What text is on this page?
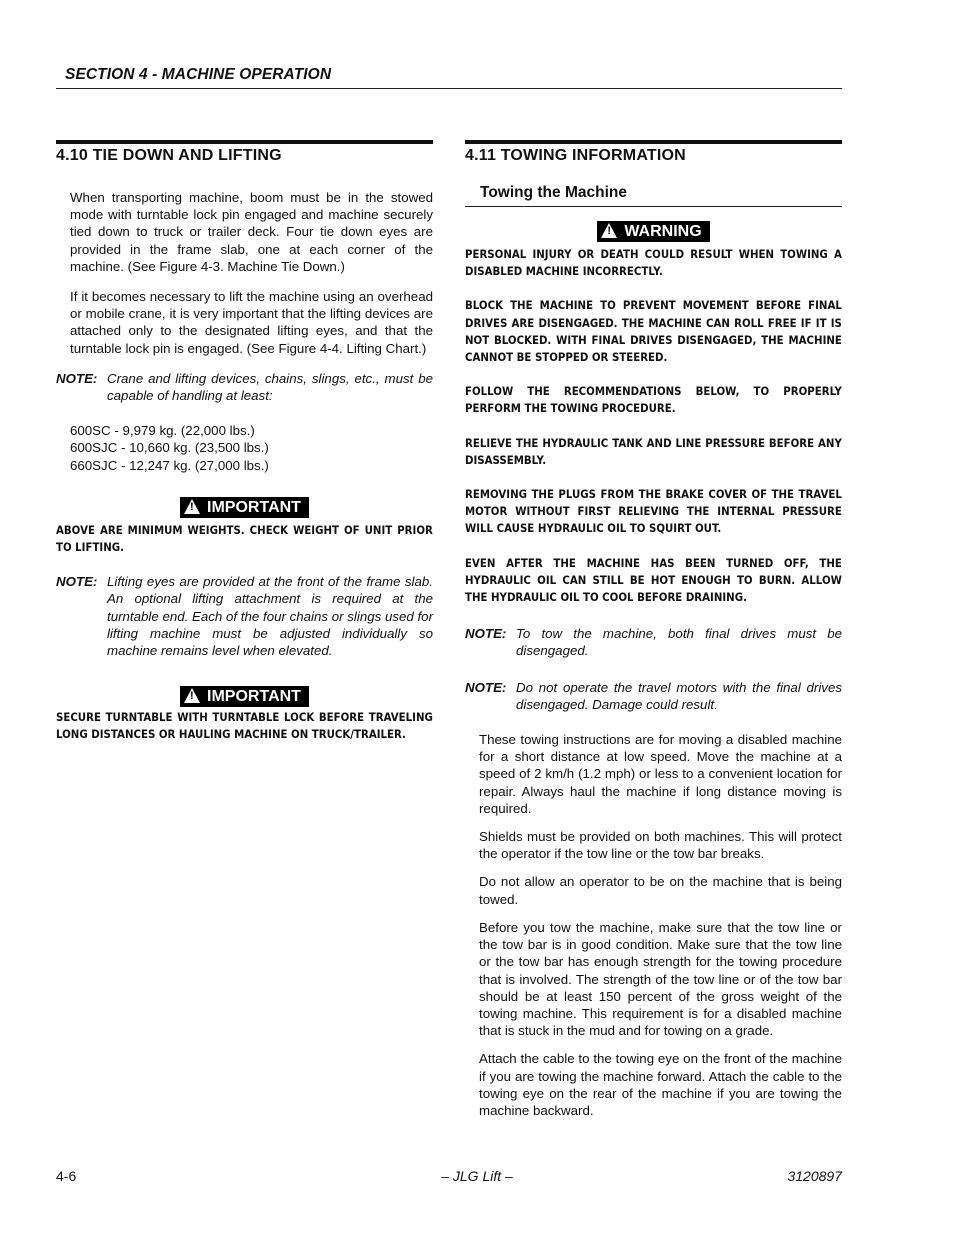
SECTION 4 - MACHINE OPERATION
4.10 TIE DOWN AND LIFTING

When transporting machine, boom must be in the stowed mode with turntable lock pin engaged and machine securely tied down to truck or trailer deck. Four tie down eyes are provided in the frame slab, one at each corner of the machine. (See Figure 4-3. Machine Tie Down.)

If it becomes necessary to lift the machine using an overhead or mobile crane, it is very important that the lifting devices are attached only to the designated lifting eyes, and that the turntable lock pin is engaged. (See Figure 4-4. Lifting Chart.)

NOTE: Crane and lifting devices, chains, slings, etc., must be capable of handling at least:
600SC - 9,979 kg. (22,000 lbs.)
600SJC - 10,660 kg. (23,500 lbs.)
660SJC - 12,247 kg. (27,000 lbs.)
! IMPORTANT

ABOVE ARE MINIMUM WEIGHTS. CHECK WEIGHT OF UNIT PRIOR TO LIFTING.

NOTE: Lifting eyes are provided at the front of the frame slab. An optional lifting attachment is required at the turntable end. Each of the four chains or slings used for lifting machine must be adjusted individually so machine remains level when elevated.
! IMPORTANT

SECURE TURNTABLE WITH TURNTABLE LOCK BEFORE TRAVELING LONG DISTANCES OR HAULING MACHINE ON TRUCK/TRAILER.

4.11 TOWING INFORMATION
Towing the Machine
! WARNING

PERSONAL INJURY OR DEATH COULD RESULT WHEN TOWING A DISABLED MACHINE INCORRECTLY.

BLOCK THE MACHINE TO PREVENT MOVEMENT BEFORE FINAL DRIVES ARE DISENGAGED. THE MACHINE CAN ROLL FREE IF IT IS NOT BLOCKED. WITH FINAL DRIVES DISENGAGED, THE MACHINE CANNOT BE STOPPED OR STEERED.

FOLLOW THE RECOMMENDATIONS BELOW, TO PROPERLY PERFORM THE TOWING PROCEDURE.

RELIEVE THE HYDRAULIC TANK AND LINE PRESSURE BEFORE ANY DISASSEMBLY.

REMOVING THE PLUGS FROM THE BRAKE COVER OF THE TRAVEL MOTOR WITHOUT FIRST RELIEVING THE INTERNAL PRESSURE WILL CAUSE HYDRAULIC OIL TO SQUIRT OUT.

EVEN AFTER THE MACHINE HAS BEEN TURNED OFF, THE HYDRAULIC OIL CAN STILL BE HOT ENOUGH TO BURN. ALLOW THE HYDRAULIC OIL TO COOL BEFORE DRAINING.

NOTE: To tow the machine, both final drives must be disengaged.
NOTE: Do not operate the travel motors with the final drives disengaged. Damage could result.

These towing instructions are for moving a disabled machine for a short distance at low speed. Move the machine at a speed of 2 km/h (1.2 mph) or less to a convenient location for repair. Always haul the machine if long distance moving is required.

Shields must be provided on both machines. This will protect the operator if the tow line or the tow bar breaks.

Do not allow an operator to be on the machine that is being towed.

Before you tow the machine, make sure that the tow line or the tow bar is in good condition. Make sure that the tow line or the tow bar has enough strength for the towing procedure that is involved. The strength of the tow line or of the tow bar should be at least 150 percent of the gross weight of the towing machine. This requirement is for a disabled machine that is stuck in the mud and for towing on a grade.

Attach the cable to the towing eye on the front of the machine if you are towing the machine forward. Attach the cable to the towing eye on the rear of the machine if you are towing the machine backward.

4-6	– JLG Lift –	3120897
